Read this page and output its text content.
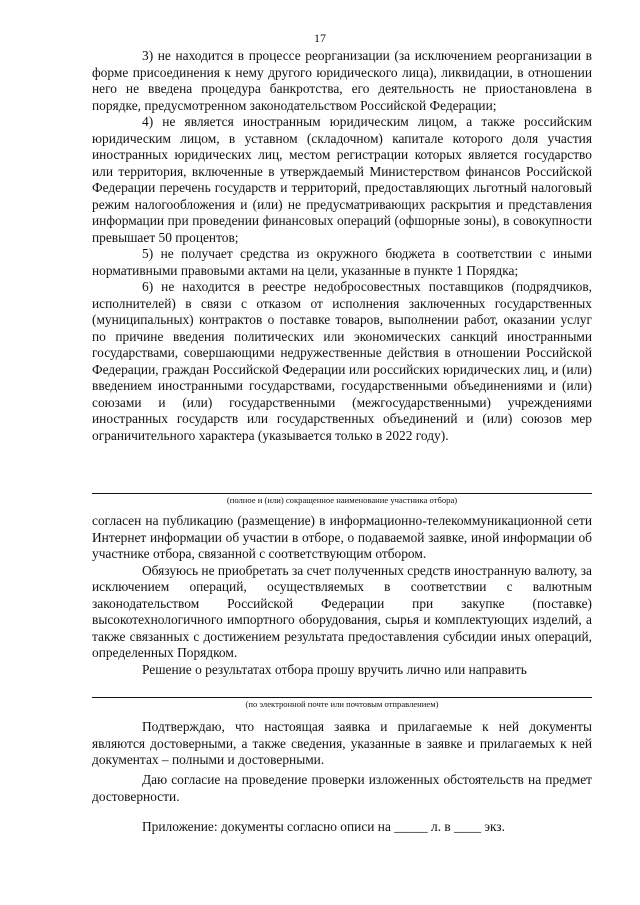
17

3) не находится в процессе реорганизации (за исключением реорганизации в форме присоединения к нему другого юридического лица), ликвидации, в отношении него не введена процедура банкротства, его деятельность не приостановлена в порядке, предусмотренном законодательством Российской Федерации;

4) не является иностранным юридическим лицом, а также российским юридическим лицом, в уставном (складочном) капитале которого доля участия иностранных юридических лиц, местом регистрации которых является государство или территория, включенные в утверждаемый Министерством финансов Российской Федерации перечень государств и территорий, предоставляющих льготный налоговый режим налогообложения и (или) не предусматривающих раскрытия и представления информации при проведении финансовых операций (офшорные зоны), в совокупности превышает 50 процентов;

5) не получает средства из окружного бюджета в соответствии с иными нормативными правовыми актами на цели, указанные в пункте 1 Порядка;

6) не находится в реестре недобросовестных поставщиков (подрядчиков, исполнителей) в связи с отказом от исполнения заключенных государственных (муниципальных) контрактов о поставке товаров, выполнении работ, оказании услуг по причине введения политических или экономических санкций иностранными государствами, совершающими недружественные действия в отношении Российской Федерации, граждан Российской Федерации или российских юридических лиц, и (или) введением иностранными государствами, государственными объединениями и (или) союзами и (или) государственными (межгосударственными) учреждениями иностранных государств или государственных объединений и (или) союзов мер ограничительного характера (указывается только в 2022 году).

(полное и (или) сокращенное наименование участника отбора)

согласен на публикацию (размещение) в информационно-телекоммуникационной сети Интернет информации об участии в отборе, о подаваемой заявке, иной информации об участнике отбора, связанной с соответствующим отбором.

Обязуюсь не приобретать за счет полученных средств иностранную валюту, за исключением операций, осуществляемых в соответствии с валютным законодательством Российской Федерации при закупке (поставке) высокотехнологичного импортного оборудования, сырья и комплектующих изделий, а также связанных с достижением результата предоставления субсидии иных операций, определенных Порядком.

Решение о результатах отбора прошу вручить лично или направить

(по электронной почте или почтовым отправлением)

Подтверждаю, что настоящая заявка и прилагаемые к ней документы являются достоверными, а также сведения, указанные в заявке и прилагаемых к ней документах – полными и достоверными.

Даю согласие на проведение проверки изложенных обстоятельств на предмет достоверности.

Приложение: документы согласно описи на _____ л. в ____ экз.
